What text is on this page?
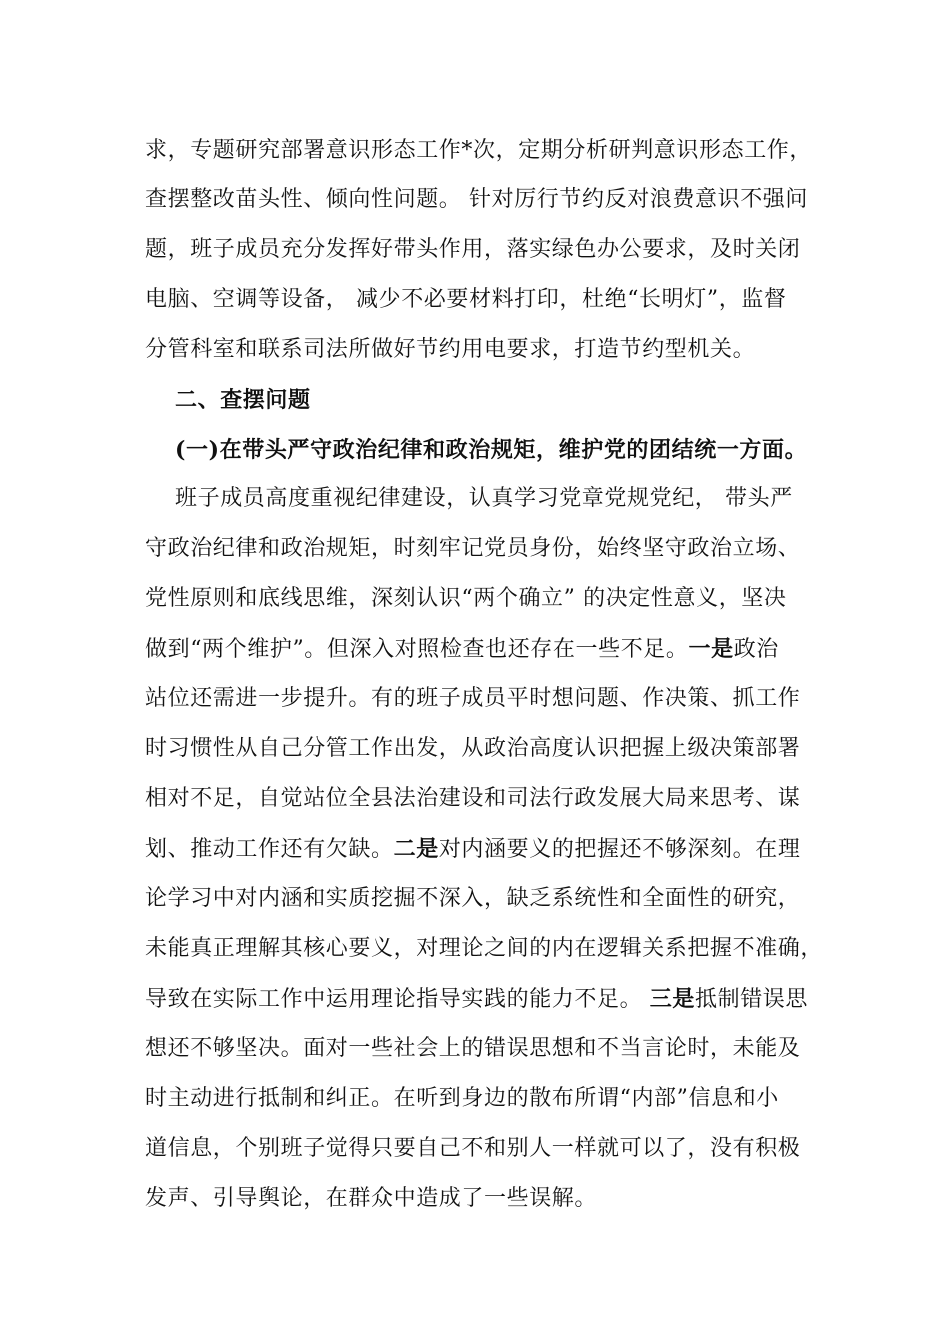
求，专题研究部署意识形态工作*次，定期分析研判意识形态工作，
查摆整改苗头性、倾向性问题。 针对厉行节约反对浪费意识不强问
题，班子成员充分发挥好带头作用，落实绿色办公要求，及时关闭
电脑、空调等设备， 减少不必要材料打印，杜绝“长明灯”，监督
分管科室和联系司法所做好节约用电要求，打造节约型机关。
二、查摆问题
(一)在带头严守政治纪律和政治规矩，维护党的团结统一方面。
班子成员高度重视纪律建设，认真学习党章党规党纪， 带头严
守政治纪律和政治规矩，时刻牢记党员身份，始终坚守政治立场、
党性原则和底线思维，深刻认识“两个确立” 的决定性意义，坚决
做到“两个维护”。但深入对照检查也还存在一些不足。一是政治
站位还需进一步提升。有的班子成员平时想问题、作决策、抓工作
时习惯性从自己分管工作出发，从政治高度认识把握上级决策部署
相对不足，自觉站位全县法治建设和司法行政发展大局来思考、谋
划、推动工作还有欠缺。二是对内涵要义的把握还不够深刻。在理
论学习中对内涵和实质挖掘不深入，缺乏系统性和全面性的研究，
未能真正理解其核心要义，对理论之间的内在逻辑关系把握不准确，
导致在实际工作中运用理论指导实践的能力不足。 三是抵制错误思
想还不够坚决。面对一些社会上的错误思想和不当言论时，未能及
时主动进行抵制和纠正。在听到身边的散布所谓“内部”信息和小
道信息，个别班子觉得只要自己不和别人一样就可以了，没有积极
发声、引导舆论，在群众中造成了一些误解。
